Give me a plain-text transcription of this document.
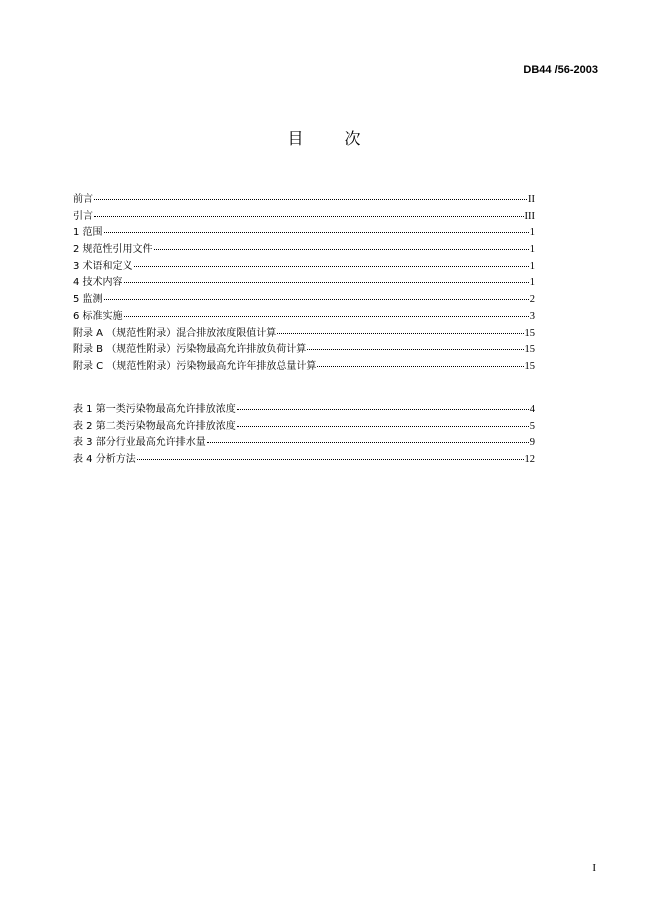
DB44 /56-2003
目 次
前言	II
引言	III
1 范围	1
2 规范性引用文件	1
3 术语和定义	1
4 技术内容	1
5 监测	2
6 标准实施	3
附录 A （规范性附录）混合排放浓度限值计算	15
附录 B （规范性附录）污染物最高允许排放负荷计算	15
附录 C （规范性附录）污染物最高允许年排放总量计算	15
表 1 第一类污染物最高允许排放浓度	4
表 2 第二类污染物最高允许排放浓度	5
表 3 部分行业最高允许排水量	9
表 4 分析方法	12
I
